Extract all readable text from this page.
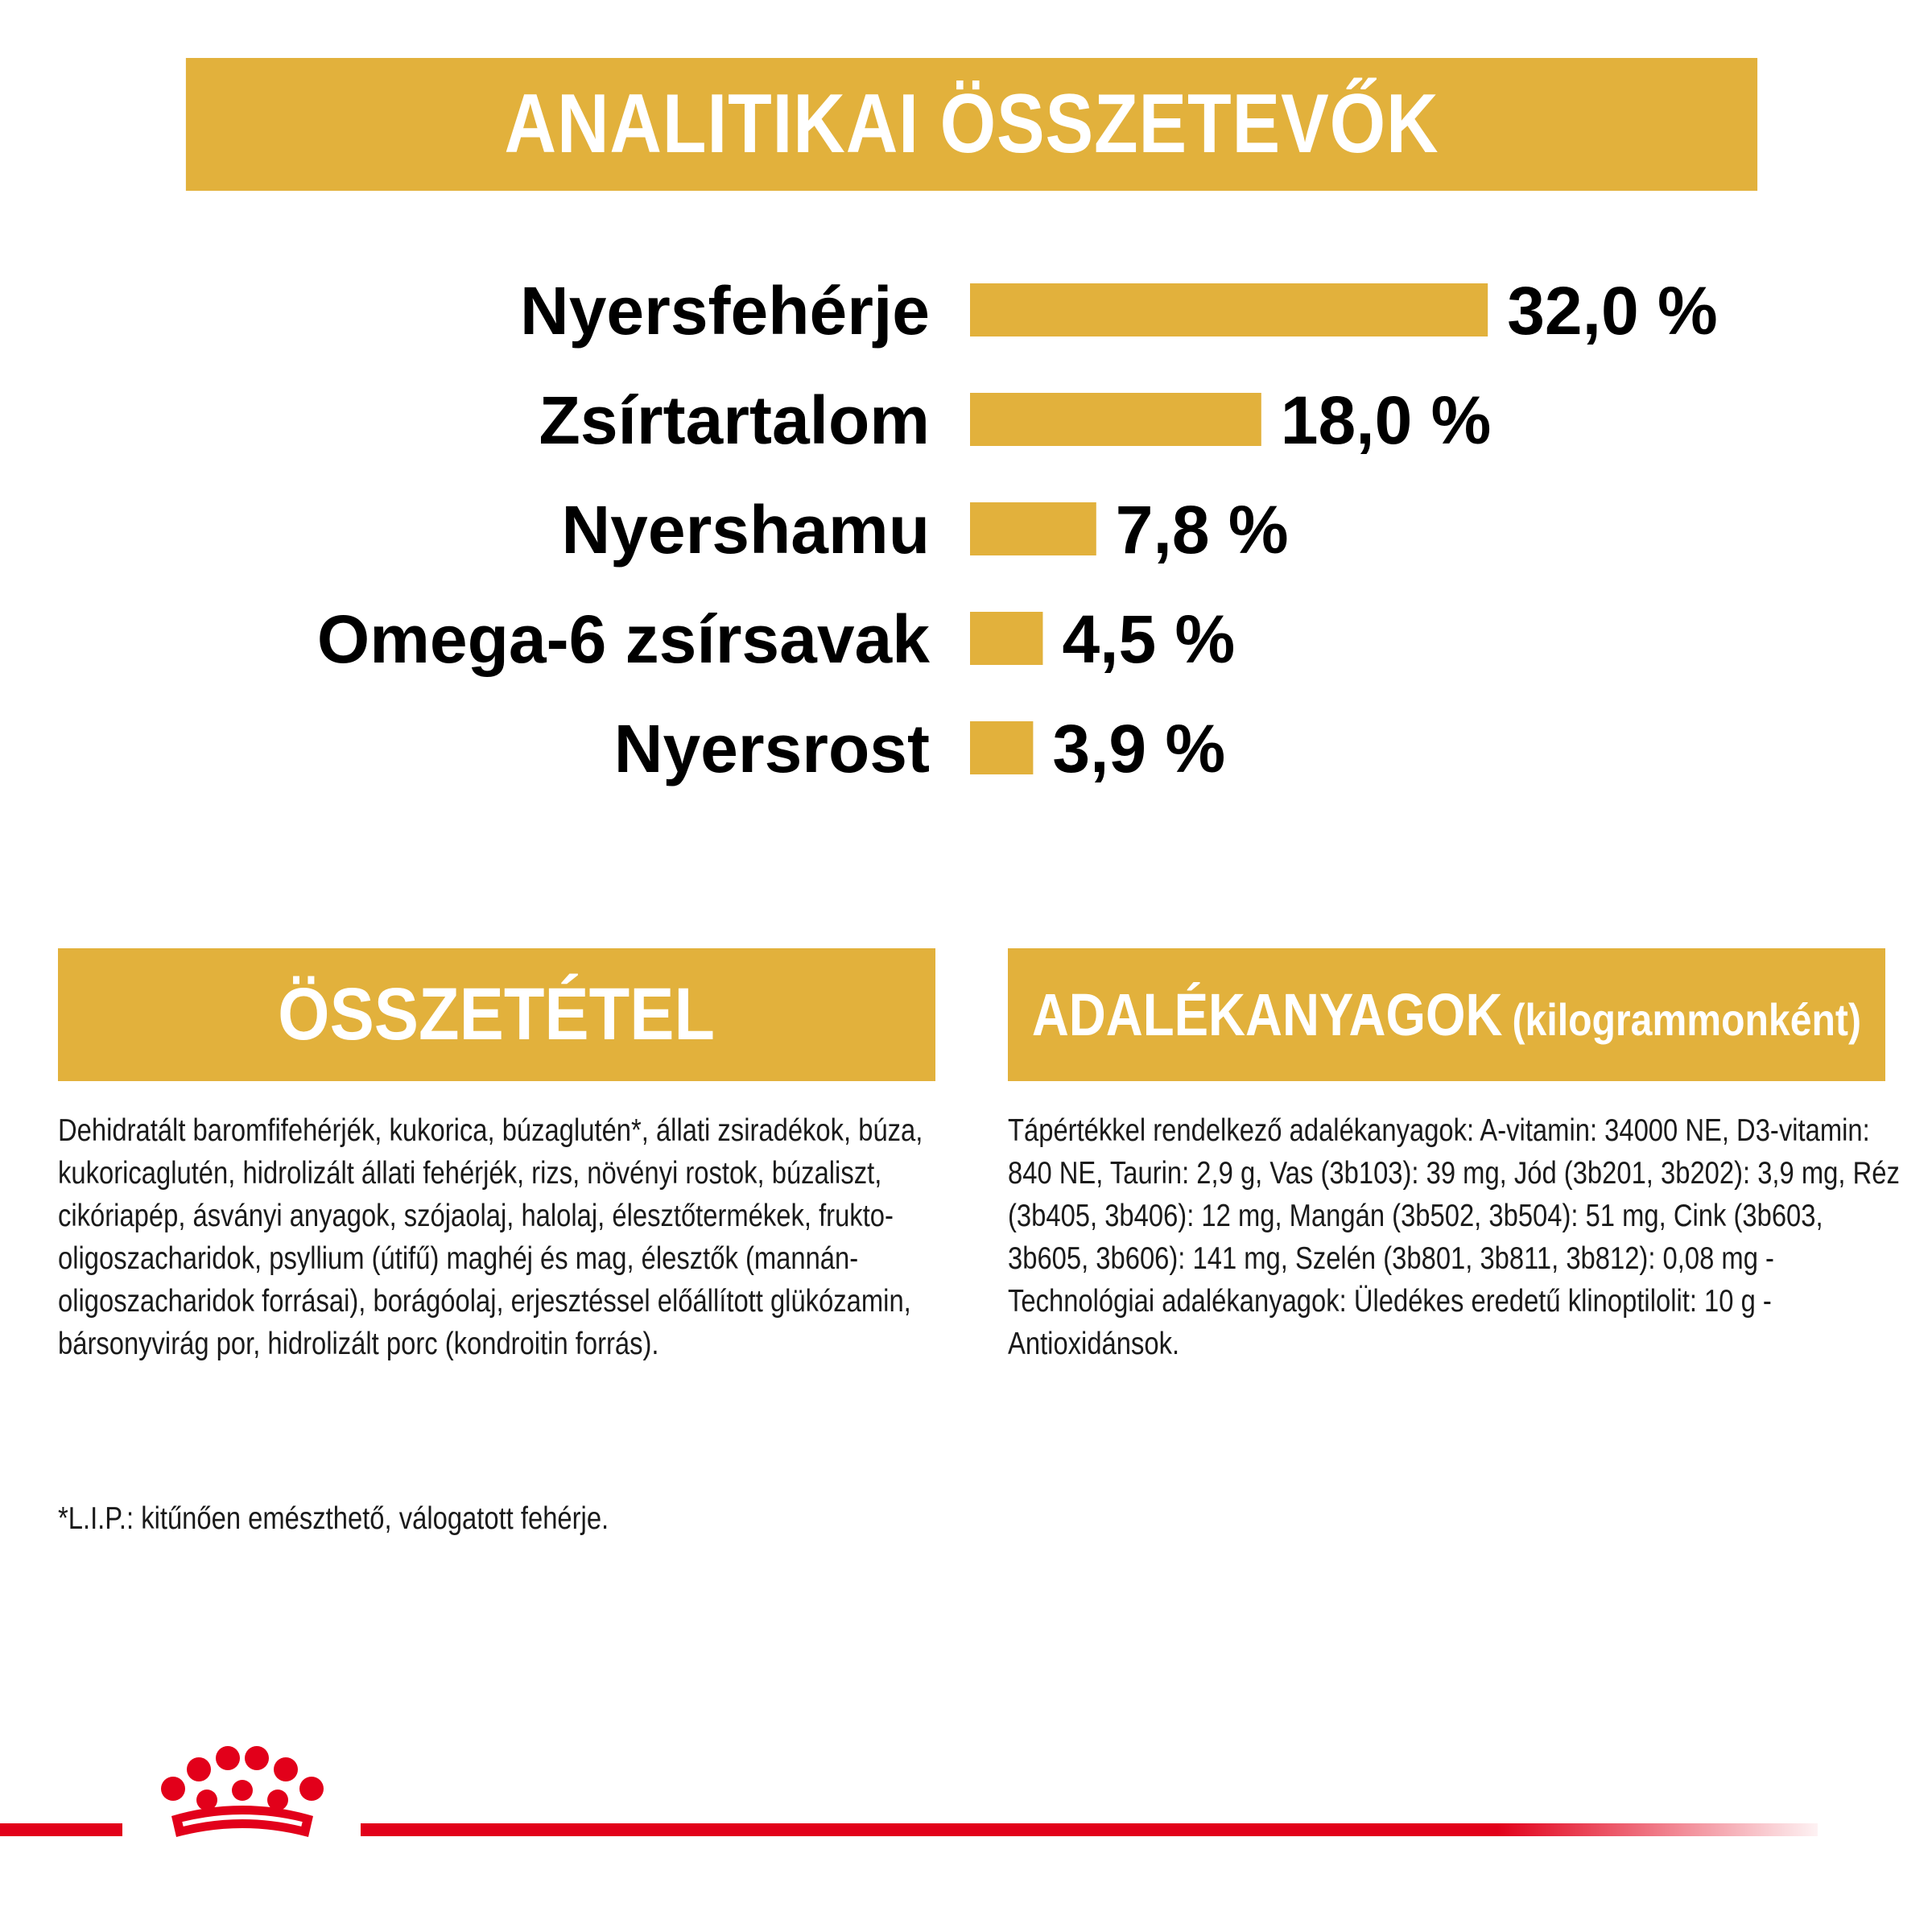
ANALITIKAI ÖSSZETEVŐK
Nyersfehérje	32,0 %
Zsírtartalom	18,0 %
Nyershamu	7,8 %
Omega-6 zsírsavak 4,5 %
Nyersrost 3,9 %
ÖSSZETÉTEL	ADALÉKANYAGOK (kilogrammonként)

Dehidratált baromfifehérjék, kukorica, búzaglutén*, állati zsiradékok, búza, kukoricaglutén, hidrolizált állati fehérjék, rizs, növényi rostok, búzaliszt, cikóriapép, ásványi anyagok, szójaolaj, halolaj, élesztőtermékek, frukto-oligoszacharidok, psyllium (útifű) maghéj és mag, élesztők (mannán-oligoszacharidok forrásai), borágóolaj, erjesztéssel előállított glükózamin, bársonyvirág por, hidrolizált porc (kondroitin forrás).

*L.I.P.: kitűnően emészthető, válogatott fehérje.

Tápértékkel rendelkező adalékanyagok: A-vitamin: 34000 NE, D3-vitamin: 840 NE, Taurin: 2,9 g, Vas (3b103): 39 mg, Jód (3b201, 3b202): 3,9 mg, Réz (3b405, 3b406): 12 mg, Mangán (3b502, 3b504): 51 mg, Cink (3b603, 3b605, 3b606): 141 mg, Szelén (3b801, 3b811, 3b812): 0,08 mg - Technológiai adalékanyagok: Üledékes eredetű klinoptilolit: 10 g - Antioxidánsok.
